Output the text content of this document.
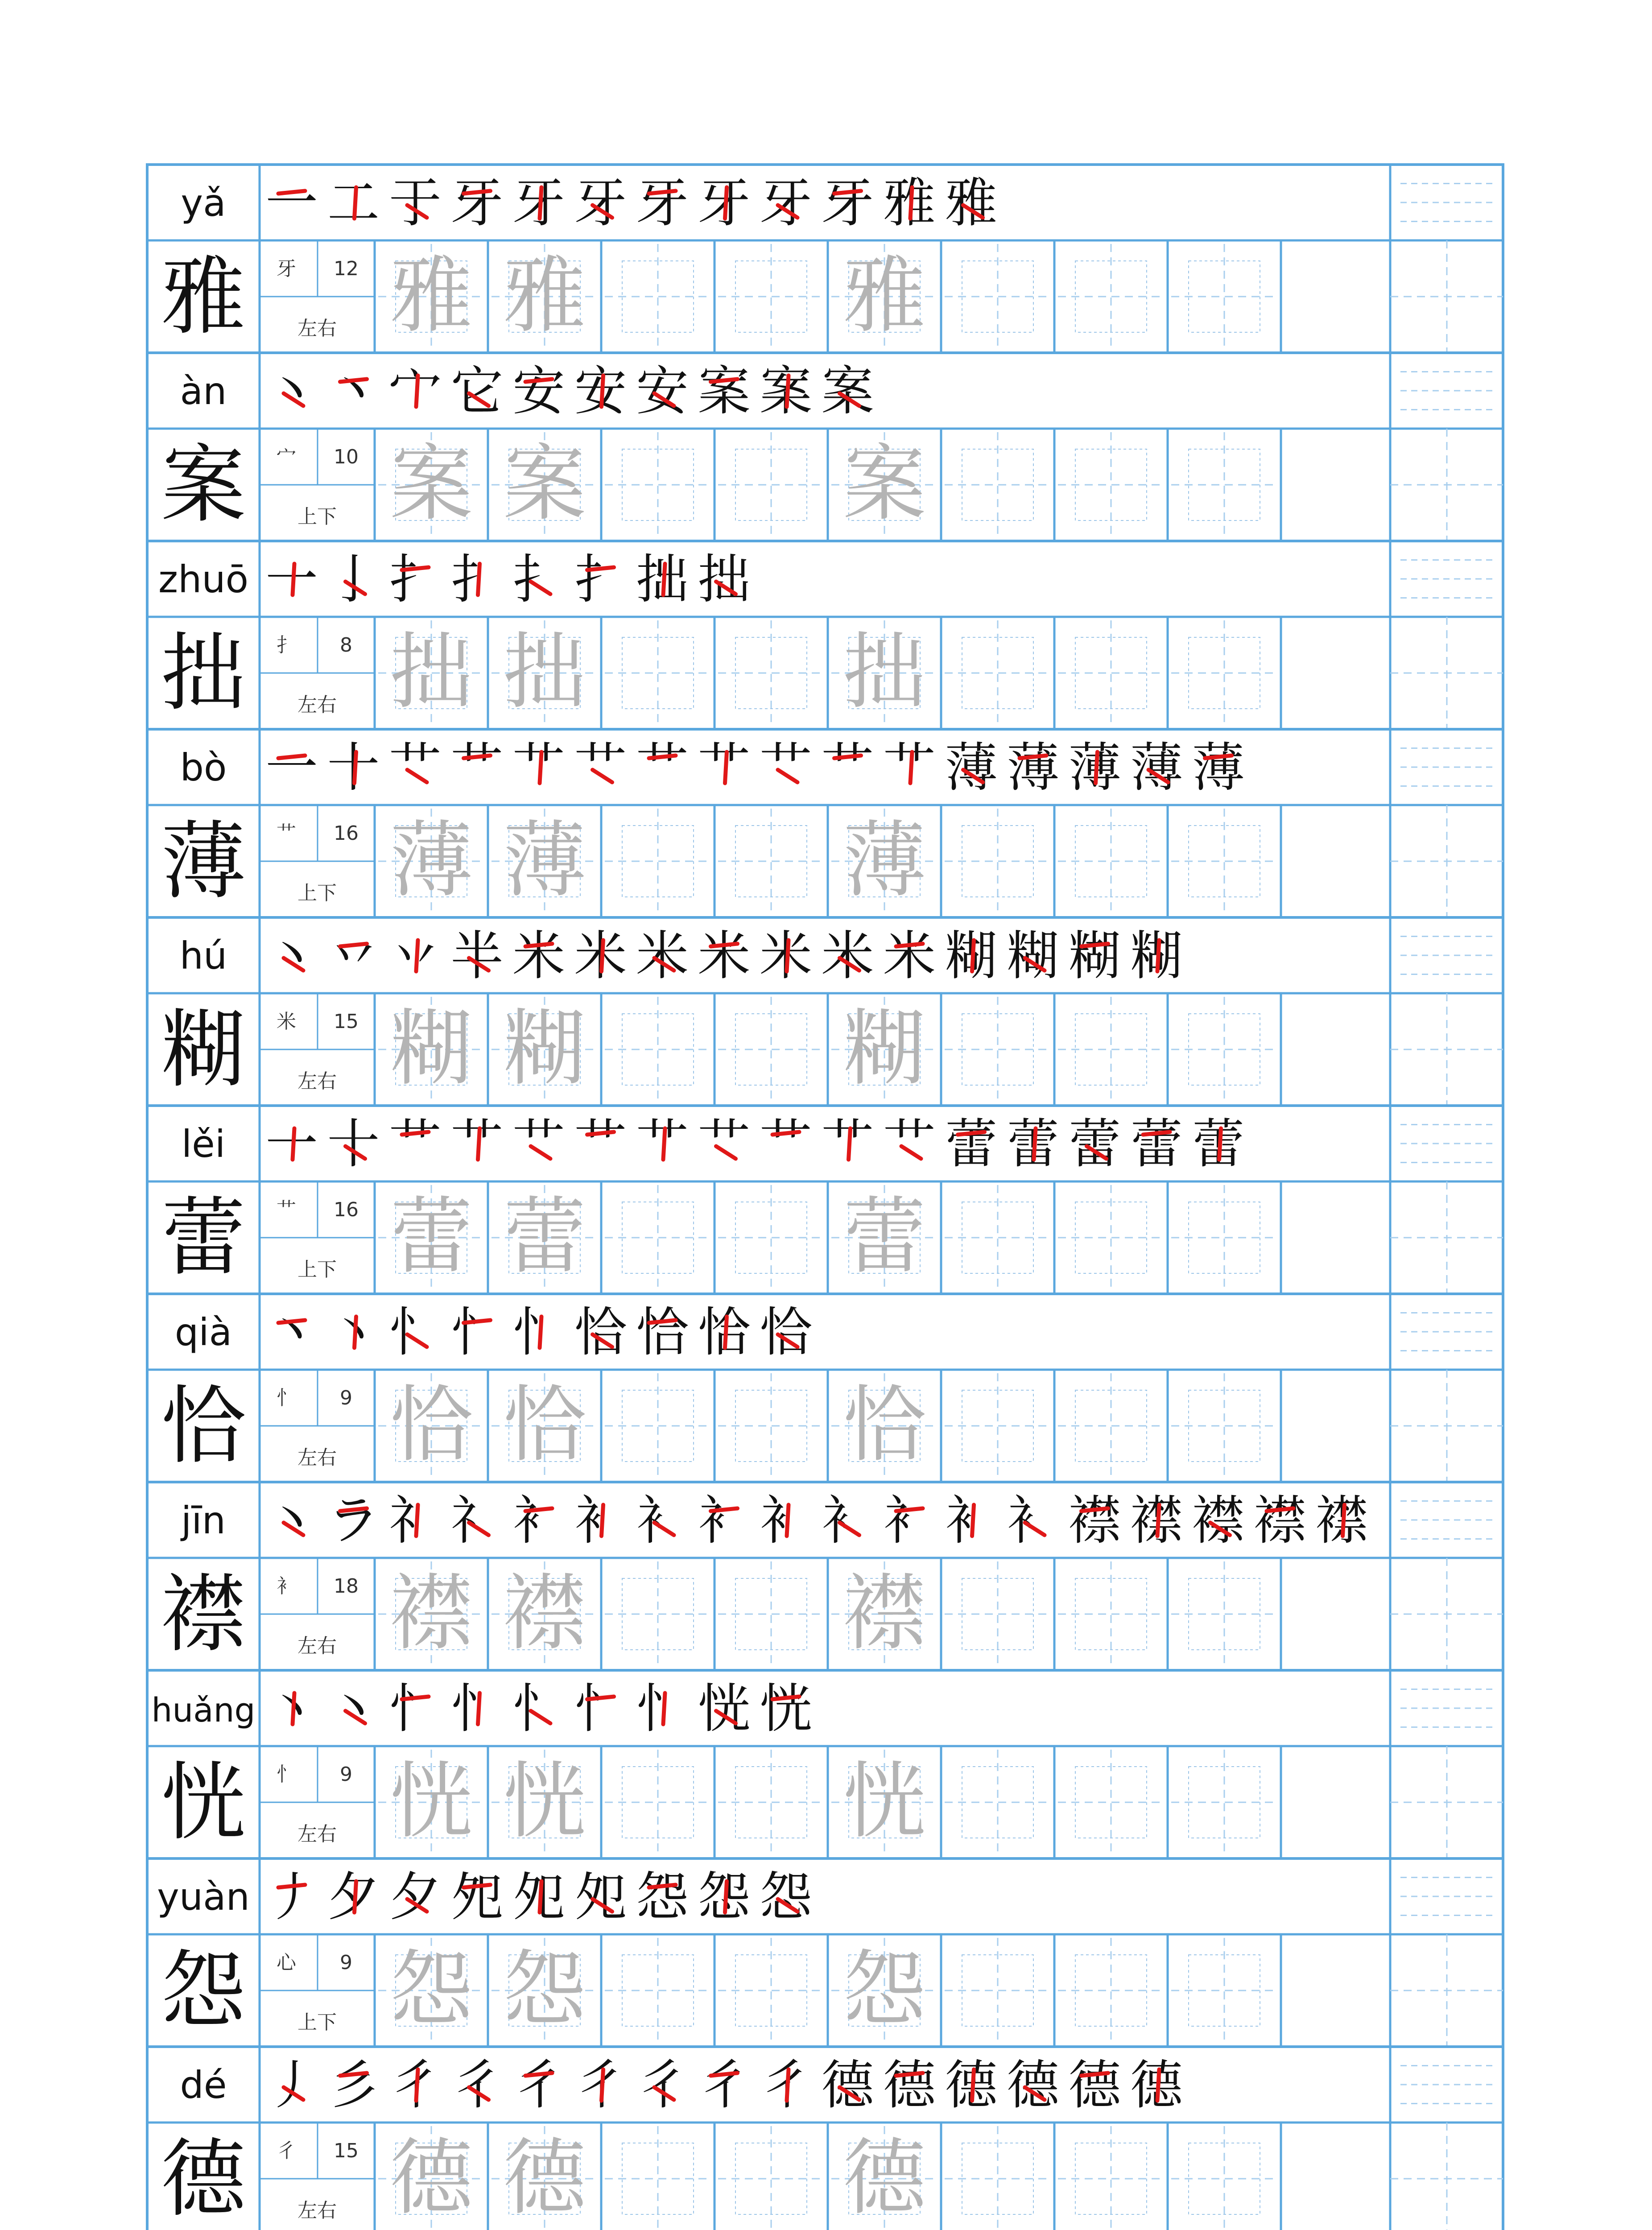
雅 雅	雅
yǎ
雅 牙 12
左右
一 二 于 牙 牙 牙 牙 牙 牙 牙 雅 雅
案 案	案
àn
案 宀 10
上下
丶 丶 宀 它 安 安 安 案 案 案
拙 拙	拙
zhuō
拙 扌 8
左右
一 亅 扌 扌 扌 扌 拙 拙
薄 薄	薄
bò
薄 艹 16
上下
一 十 艹 艹 艹 艹 艹 艹 艹 艹 艹 薄 薄 薄 薄 薄
糊 糊	糊
hú
糊 米 15
左右
丶 丷 丷 半 米 米 米 米 米 米 米 糊 糊 糊 糊
蕾 蕾	蕾
lěi
蕾 艹 16
上下
一 十 艹 艹 艹 艹 艹 艹 艹 艹 艹 蕾 蕾 蕾 蕾 蕾
恰 恰	恰
qià
恰 忄 9
左右
丶 丶 忄 忄 忄 恰 恰 恰 恰
襟 襟	襟
jīn
襟 衤 18
左右
丶 ラ 礻 礻 衤 衤 衤 衤 衤 衤 衤 衤 衤 襟 襟 襟 襟 襟
恍 恍	恍
huǎng
恍 忄 9
左右
丶 丶 忄 忄 忄 忄 忄 恍 恍
怨 怨	怨
yuàn
怨 心 9
上下
丿 夕 夕 夗 夗 夗 怨 怨 怨
德 德	德
dé
德 彳 15
左右
丿 彡 彳 彳 彳 彳 彳 彳 彳 德 德 德 德 德 德
